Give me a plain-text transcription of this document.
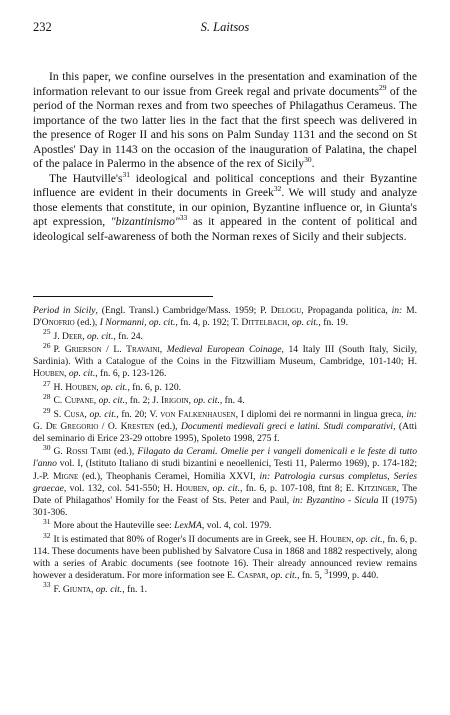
232	S. Laitsos

In this paper, we confine ourselves in the presentation and examination of the information relevant to our issue from Greek regal and private documents$^{29}$ of the period of the Norman rexes and from two speeches of Philagathus Cerameus. The importance of the two latter lies in the fact that the first speech was delivered in the presence of Roger II and his sons on Palm Sunday 1131 and the second on St Apostles' Day in 1143 on the occasion of the inauguration of Palatina, the chapel of the palace in Palermo in the absence of the rex of Sicily$^{30}$.

The $Hautville's^{31}$ ideological and political conceptions and their Byzantine influence are evident in their documents in Greek$^{32}$. We will study and analyze those elements that constitute, in our opinion, Byzantine influence or, in Giunta's apt expression, "bizantinismo"$^{33}$ as it appeared in the content of political and ideological self-awareness of both the Norman rexes of Sicily and their subjects.

Period in Sicily, (Engl. Transl.) Cambridge/Mass. 1959; P. Delogu, Propaganda politica, in: M. D'Onofrio (ed.), I Normanni, op. cit., fn. 4, p. 192; T. Dittelbach, op. cit., fn. 19.

$^{25}$ J. Deer, op. cit., fn. 24.

$^{26}$ P. Grierson / L. Travaini, Medieval European Coinage, 14 Italy III (South Italy, Sicily, Sardinia). With a Catalogue of the Coins in the Fitzwilliam Museum, Cambridge, 101-140; H. Houben, op. cit., fn. 6, p. 123-126.

$^{27}$ H. Houben, op. cit., fn. 6, p. 120.

$^{28}$ C. Cupane, op. cit., fn. 2; J. Irigoin, op. cit., fn. 4.

$^{29}$ S. Cusa, op. cit., fn. 20; V. von Falkenhausen, I diplomi dei re normanni in lingua greca, in: G. De Gregorio / O. Kresten (ed.), Documenti medievali greci e latini. Studi comparativi, (Atti del seminario di Erice 23-29 ottobre 1995), Spoleto 1998, 275 f.

$^{30}$ G. Rossi Taibi (ed.), Filagato da Cerami. Omelie per i vangeli domenicali e le feste di tutto l'anno vol. I, (Istituto Italiano di studi bizantini e neoellenici, Testi 11, Palermo 1969), p. 174-182; J.-P. Migne (ed.), Theophanis Cerameì, Homilia XXVI, in: Patrologia cursus completus, Series graecae, vol. 132, col. 541-550; H. Houben, op. cit., fn. 6, p. 107-108, ftnt 8; E. Kitzinger, The Date of Philagathos' Homily for the Feast of Sts. Peter and Paul, in: Byzantino - Sicula II (1975) 301-306.

$^{31}$ More about the Hauteville see: LexMA, vol. 4, col. 1979.

$^{32}$ It is estimated that 80% of Roger's II documents are in Greek, see H. Houben, op. cit., fn. 6, p. 114. These documents have been published by Salvatore Cusa in 1868 and 1882 respectively, along with a series of Arabic documents (see footnote 16). Their already announced review remains however a desideratum. For more information see E. Caspar, op. cit., fn. 5, $^3$1999, p. 440.

$^{33}$ F. Giunta, op. cit., fn. 1.
